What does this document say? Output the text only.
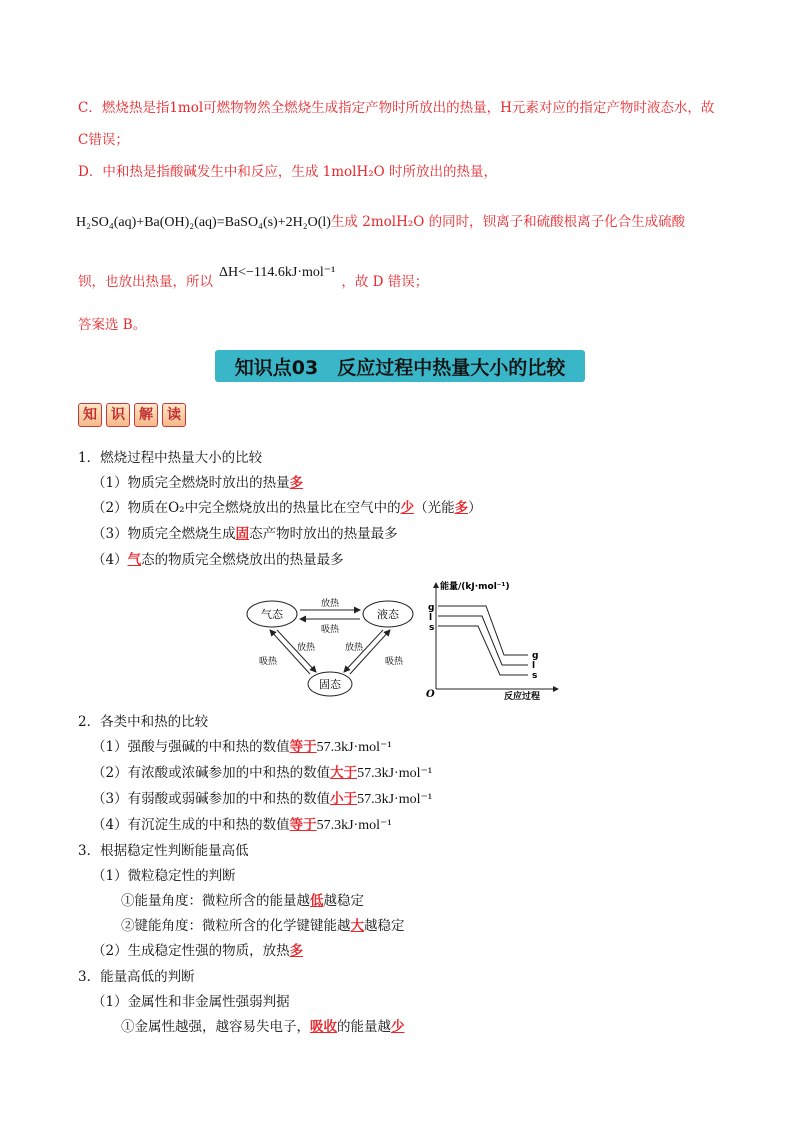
C．燃烧热是指1mol可燃物物然全燃烧生成指定产物时所放出的热量，H元素对应的指定产物时液态水，故
C错误；
D．中和热是指酸碱发生中和反应，生成 1molH₂O 时所放出的热量，
H₂SO₄(aq)+Ba(OH)₂(aq)=BaSO₄(s)+2H₂O(l)生成 2molH₂O 的同时，钡离子和硫酸根离子化合生成硫酸
钡，也放出热量，所以ΔH<−114.6kJ·mol⁻¹，故 D 错误；
答案选 B。
知识点03　反应过程中热量大小的比较
知	识	解	读
1．燃烧过程中热量大小的比较
（1）物质完全燃烧时放出的热量多
（2）物质在O₂中完全燃烧放出的热量比在空气中的少（光能多）
（3）物质完全燃烧生成固态产物时放出的热量最多
（4）气态的物质完全燃烧放出的热量最多
气态	液态
固态
放热
吸热
放热
吸热
放热
吸热
能量/(kJ·mol⁻¹)
反应过程
O
g
l
s
g
l
s
2．各类中和热的比较
（1）强酸与强碱的中和热的数值等于57.3kJ·mol⁻¹
（2）有浓酸或浓碱参加的中和热的数值大于57.3kJ·mol⁻¹
（3）有弱酸或弱碱参加的中和热的数值小于57.3kJ·mol⁻¹
（4）有沉淀生成的中和热的数值等于57.3kJ·mol⁻¹
3．根据稳定性判断能量高低
（1）微粒稳定性的判断
①能量角度：微粒所含的能量越低越稳定
②键能角度：微粒所含的化学键键能越大越稳定
（2）生成稳定性强的物质，放热多
3．能量高低的判断
（1）金属性和非金属性强弱判据
①金属性越强，越容易失电子，吸收的能量越少
